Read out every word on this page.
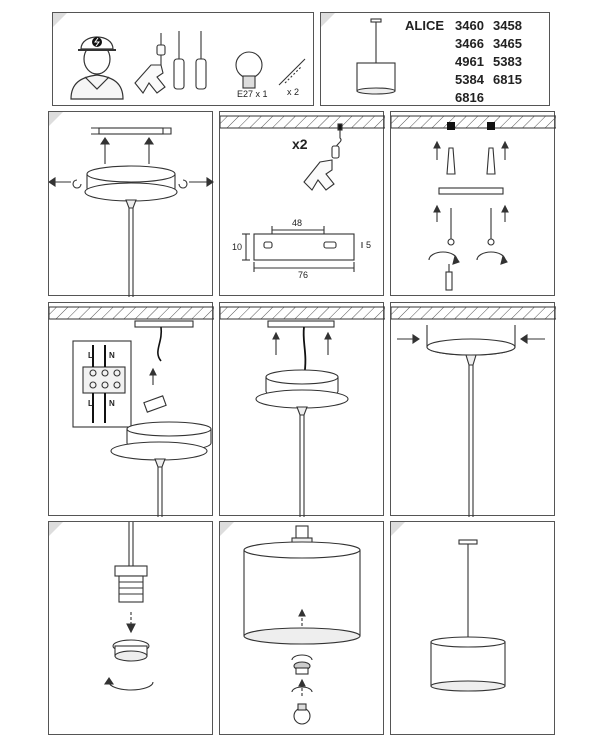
E27 x 1 x 2
ALICE 3460 3458
3466 3465
4961 5383
5384 6815
6816
x2
48
76
10	5
L N
L N
